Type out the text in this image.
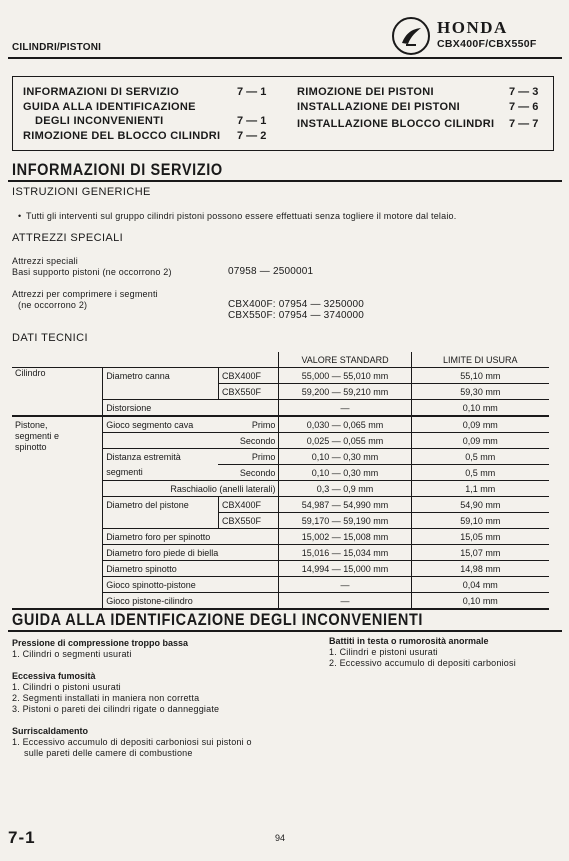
CILINDRI/PISTONI
HONDA
CBX400F/CBX550F
INFORMAZIONI DI SERVIZIO	7 — 1
GUIDA ALLA IDENTIFICAZIONE
DEGLI INCONVENIENTI	7 — 1
RIMOZIONE DEL BLOCCO CILINDRI 7 — 2
RIMOZIONE DEI PISTONI	7 — 3
INSTALLAZIONE DEI PISTONI	7 — 6
INSTALLAZIONE BLOCCO CILINDRI 7 — 7
INFORMAZIONI DI SERVIZIO
ISTRUZIONI GENERICHE
• Tutti gli interventi sul gruppo cilindri pistoni possono essere effettuati senza togliere il motore dal telaio.
ATTREZZI SPECIALI
Attrezzi speciali
Basi supporto pistoni (ne occorrono 2)	07958 — 2500001
Attrezzi per comprimere i segmenti
(ne occorrono 2)	CBX400F: 07954 — 3250000
CBX550F: 07954 — 3740000
DATI TECNICI
			VALORE STANDARD	LIMITE DI USURA
Cilindro	Diametro canna	CBX400F	55,000 — 55,010 mm	55,10 mm
		CBX550F	59,200 — 59,210 mm	59,30 mm
	Distorsione		—	0,10 mm

Pistone,
segmenti e
spinotto	Gioco segmento cava	Primo	0,030 — 0,065 mm	0,09 mm
		Secondo	0,025 — 0,055 mm	0,09 mm
	Distanza estremità	Primo	0,10 — 0,30 mm	0,5 mm
	segmenti	Secondo	0,10 — 0,30 mm	0,5 mm
	Raschiaolio (anelli laterali)		0,3 — 0,9 mm	1,1 mm
	Diametro del pistone	CBX400F	54,987 — 54,990 mm	54,90 mm
		CBX550F	59,170 — 59,190 mm	59,10 mm
	Diametro foro per spinotto		15,002 — 15,008 mm	15,05 mm
	Diametro foro piede di biella		15,016 — 15,034 mm	15,07 mm
	Diametro spinotto		14,994 — 15,000 mm	14,98 mm
	Gioco spinotto-pistone		—	0,04 mm
	Gioco pistone-cilindro		—	0,10 mm
GUIDA ALLA IDENTIFICAZIONE DEGLI INCONVENIENTI
Pressione di compressione troppo bassa
1. Cilindri o segmenti usurati
Eccessiva fumosità
1. Cilindri o pistoni usurati
2. Segmenti installati in maniera non corretta
3. Pistoni o pareti dei cilindri rigate o danneggiate
Surriscaldamento
1. Eccessivo accumulo di depositi carboniosi sui pistoni o
sulle pareti delle camere di combustione
Battiti in testa o rumorosità anormale
1. Cilindri e pistoni usurati
2. Eccessivo accumulo di depositi carboniosi
7-1	94
